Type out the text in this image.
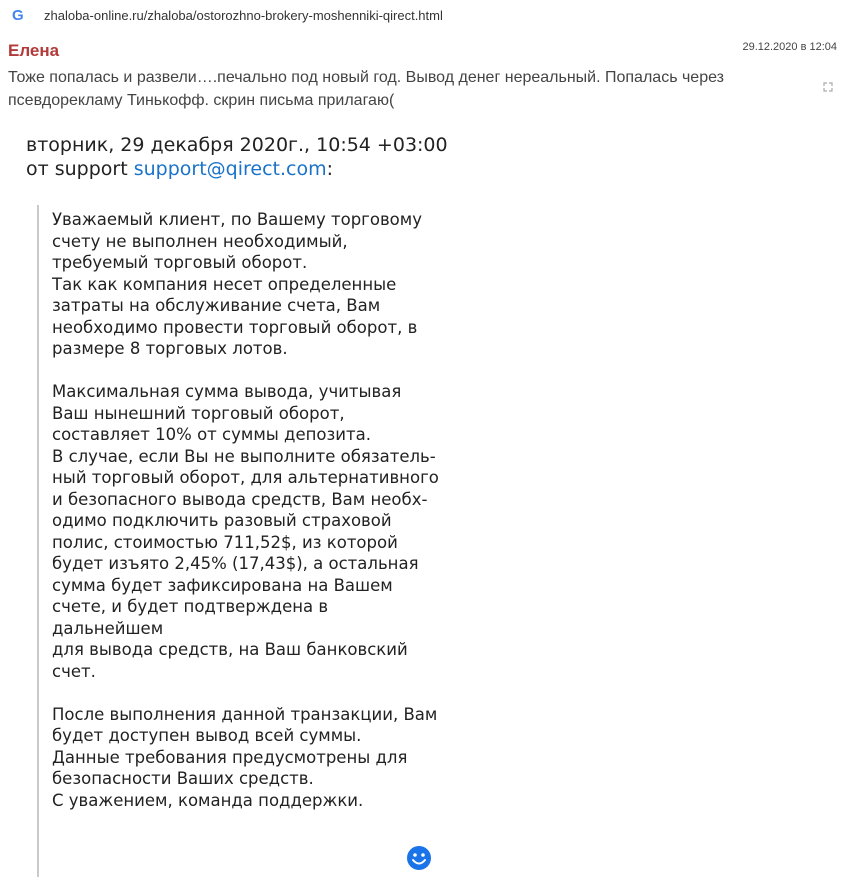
G zhaloba-online.ru/zhaloba/ostorozhno-brokery-moshenniki-qirect.html
Елена	29.12.2020 в 12:04
Тоже попалась и развели….печально под новый год. Вывод денег нереальный. Попалась через псевдорекламу Тинькофф. скрин письма прилагаю(
вторник, 29 декабря 2020г., 10:54 +03:00
от support support@qirect.com:

Уважаемый клиент, по Вашему торговому
счету не выполнен необходимый,
требуемый торговый оборот.
Так как компания несет определенные
затраты на обслуживание счета, Вам
необходимо провести торговый оборот, в
размере 8 торговых лотов.

Максимальная сумма вывода, учитывая
Ваш нынешний торговый оборот,
составляет 10% от суммы депозита.
В случае, если Вы не выполните обязатель-
ный торговый оборот, для альтернативного
и безопасного вывода средств, Вам необх-
одимо подключить разовый страховой
полис, стоимостью 711,52$, из которой
будет изъято 2,45% (17,43$), а остальная
сумма будет зафиксирована на Вашем
счете, и будет подтверждена в дальнейшем
для вывода средств, на Ваш банковский
счет.

После выполнения данной транзакции, Вам
будет доступен вывод всей суммы.
Данные требования предусмотрены для
безопасности Ваших средств.
С уважением, команда поддержки.
